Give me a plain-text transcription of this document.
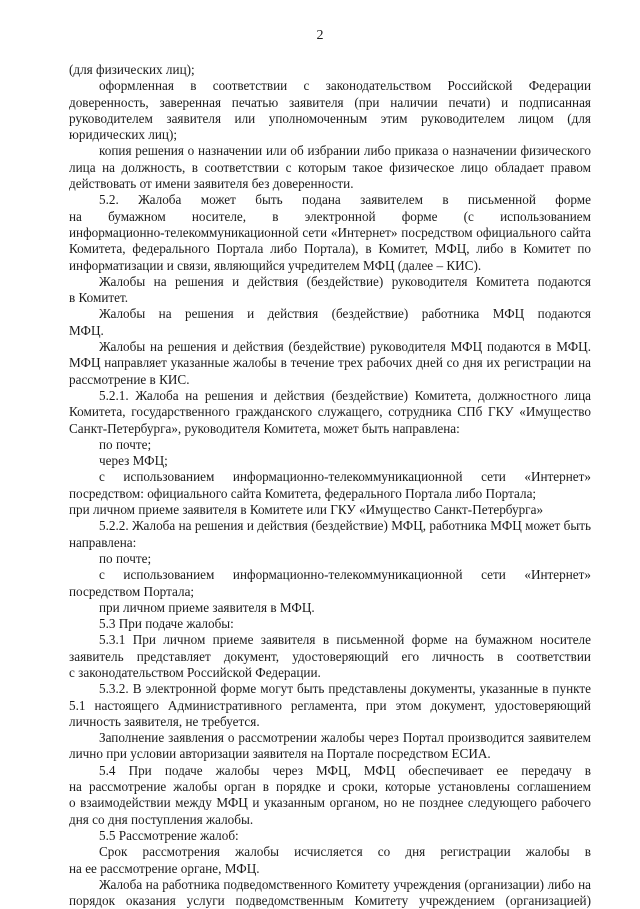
2
(для физических лиц);
оформленная в соответствии с законодательством Российской Федерации
доверенность, заверенная печатью заявителя (при наличии печати) и подписанная
руководителем заявителя или уполномоченным этим руководителем лицом (для
юридических лиц);
копия решения о назначении или об избрании либо приказа о назначении физического
лица на должность, в соответствии с которым такое физическое лицо обладает правом
действовать от имени заявителя без доверенности.
5.2. Жалоба может быть подана заявителем в письменной форме
на бумажном носителе, в электронной форме (с использованием
информационно-телекоммуникационной сети «Интернет» посредством официального сайта
Комитета, федерального Портала либо Портала), в Комитет, МФЦ, либо в Комитет по
информатизации и связи, являющийся учредителем МФЦ (далее – КИС).
Жалобы на решения и действия (бездействие) руководителя Комитета подаются
в Комитет.
Жалобы на решения и действия (бездействие) работника МФЦ подаются
МФЦ.
Жалобы на решения и действия (бездействие) руководителя МФЦ подаются в МФЦ.
МФЦ направляет указанные жалобы в течение трех рабочих дней со дня их регистрации на
рассмотрение в КИС.
5.2.1. Жалоба на решения и действия (бездействие) Комитета, должностного лица
Комитета, государственного гражданского служащего, сотрудника СПб ГКУ «Имущество
Санкт-Петербурга», руководителя Комитета, может быть направлена:
по почте;
через МФЦ;
с использованием информационно-телекоммуникационной сети «Интернет»
посредством: официального сайта Комитета, федерального Портала либо Портала;
при личном приеме заявителя в Комитете или ГКУ «Имущество Санкт-Петербурга»
5.2.2. Жалоба на решения и действия (бездействие) МФЦ, работника МФЦ может быть
направлена:
по почте;
с использованием информационно-телекоммуникационной сети «Интернет»
посредством Портала;
при личном приеме заявителя в МФЦ.
5.3 При подаче жалобы:
5.3.1 При личном приеме заявителя в письменной форме на бумажном носителе
заявитель представляет документ, удостоверяющий его личность в соответствии
с законодательством Российской Федерации.
5.3.2. В электронной форме могут быть представлены документы, указанные в пункте
5.1 настоящего Административного регламента, при этом документ, удостоверяющий
личность заявителя, не требуется.
Заполнение заявления о рассмотрении жалобы через Портал производится заявителем
лично при условии авторизации заявителя на Портале посредством ЕСИА.
5.4 При подаче жалобы через МФЦ, МФЦ обеспечивает ее передачу в
на рассмотрение жалобы орган в порядке и сроки, которые установлены соглашением
о взаимодействии между МФЦ и указанным органом, но не позднее следующего рабочего
дня со дня поступления жалобы.
5.5 Рассмотрение жалоб:
Срок рассмотрения жалобы исчисляется со дня регистрации жалобы в
на ее рассмотрение органе, МФЦ.
Жалоба на работника подведомственного Комитету учреждения (организации) либо на
порядок оказания услуги подведомственным Комитету учреждением (организацией)
